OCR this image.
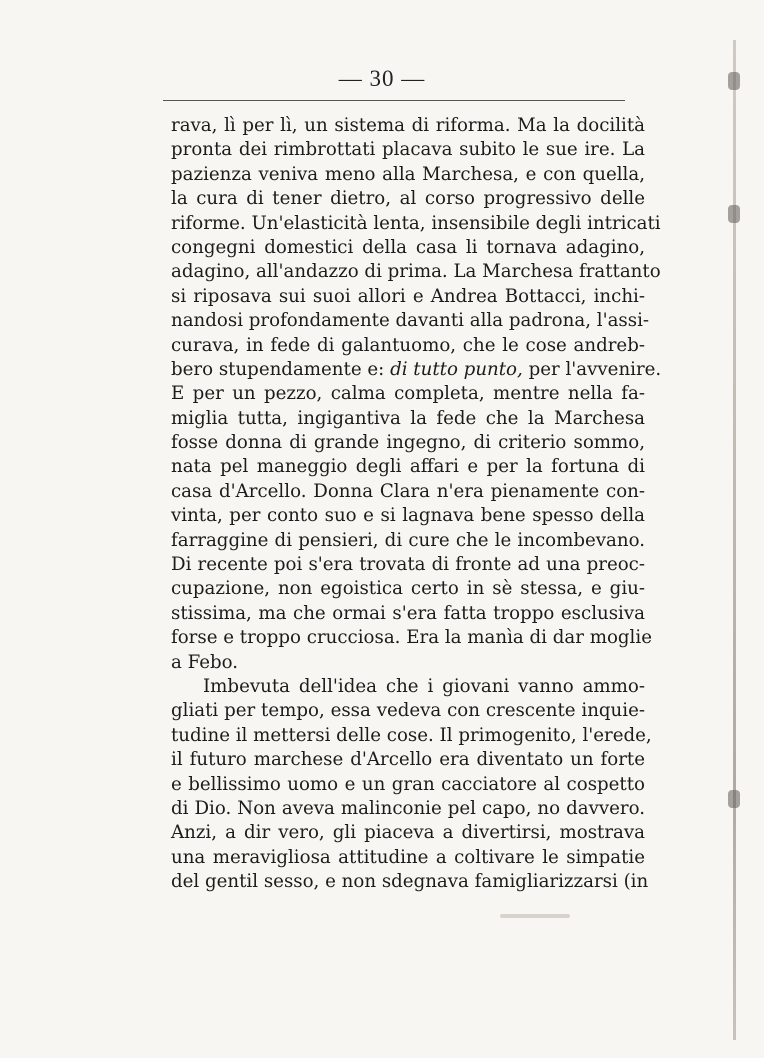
— 30 —
rava, lì per lì, un sistema di riforma. Ma la docilità
pronta dei rimbrottati placava subito le sue ire. La
pazienza veniva meno alla Marchesa, e con quella,
la cura di tener dietro, al corso progressivo delle
riforme. Un'elasticità lenta, insensibile degli intricati
congegni domestici della casa li tornava adagino,
adagino, all'andazzo di prima. La Marchesa frattanto
si riposava sui suoi allori e Andrea Bottacci, inchi-
nandosi profondamente davanti alla padrona, l'assi-
curava, in fede di galantuomo, che le cose andreb-
bero stupendamente e: di tutto punto, per l'avvenire.
E per un pezzo, calma completa, mentre nella fa-
miglia tutta, ingigantiva la fede che la Marchesa
fosse donna di grande ingegno, di criterio sommo,
nata pel maneggio degli affari e per la fortuna di
casa d'Arcello. Donna Clara n'era pienamente con-
vinta, per conto suo e si lagnava bene spesso della
farraggine di pensieri, di cure che le incombevano.
Di recente poi s'era trovata di fronte ad una preoc-
cupazione, non egoistica certo in sè stessa, e giu-
stissima, ma che ormai s'era fatta troppo esclusiva
forse e troppo crucciosa. Era la manìa di dar moglie
a Febo.
Imbevuta dell'idea che i giovani vanno ammo-
gliati per tempo, essa vedeva con crescente inquie-
tudine il mettersi delle cose. Il primogenito, l'erede,
il futuro marchese d'Arcello era diventato un forte
e bellissimo uomo e un gran cacciatore al cospetto
di Dio. Non aveva malinconie pel capo, no davvero.
Anzi, a dir vero, gli piaceva a divertirsi, mostrava
una meravigliosa attitudine a coltivare le simpatie
del gentil sesso, e non sdegnava famigliarizzarsi (in
